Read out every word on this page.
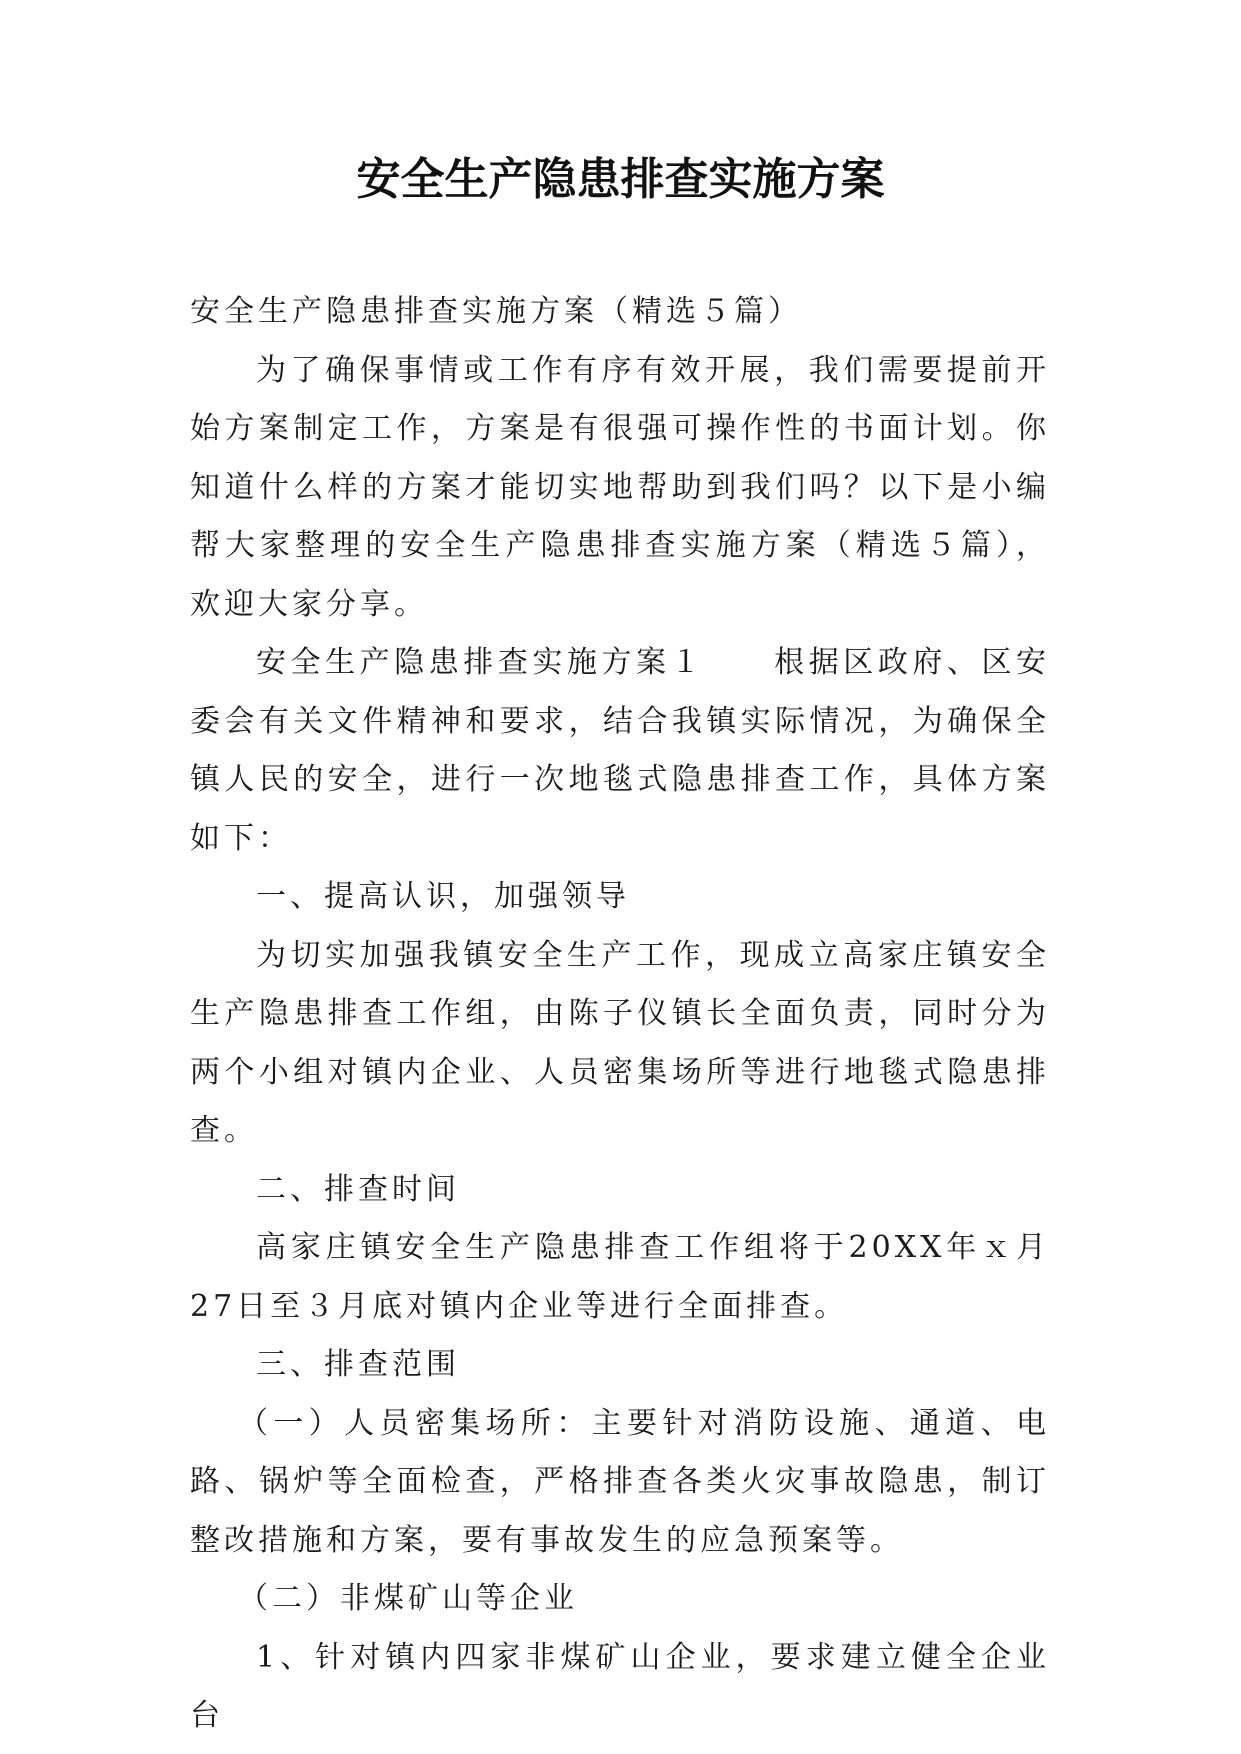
安全生产隐患排查实施方案

安全生产隐患排查实施方案（精选５篇）

为了确保事情或工作有序有效开展，我们需要提前开始方案制定工作，方案是有很强可操作性的书面计划。你知道什么样的方案才能切实地帮助到我们吗？以下是小编帮大家整理的安全生产隐患排查实施方案（精选５篇），欢迎大家分享。

安全生产隐患排查实施方案１　　根据区政府、区安委会有关文件精神和要求，结合我镇实际情况，为确保全镇人民的安全，进行一次地毯式隐患排查工作，具体方案如下：

一、提高认识，加强领导

为切实加强我镇安全生产工作，现成立高家庄镇安全生产隐患排查工作组，由陈子仪镇长全面负责，同时分为两个小组对镇内企业、人员密集场所等进行地毯式隐患排查。

二、排查时间

高家庄镇安全生产隐患排查工作组将于20XX年ｘ月27日至３月底对镇内企业等进行全面排查。

三、排查范围

（一）人员密集场所：主要针对消防设施、通道、电路、锅炉等全面检查，严格排查各类火灾事故隐患，制订整改措施和方案，要有事故发生的应急预案等。

（二）非煤矿山等企业

1、针对镇内四家非煤矿山企业，要求建立健全企业台
